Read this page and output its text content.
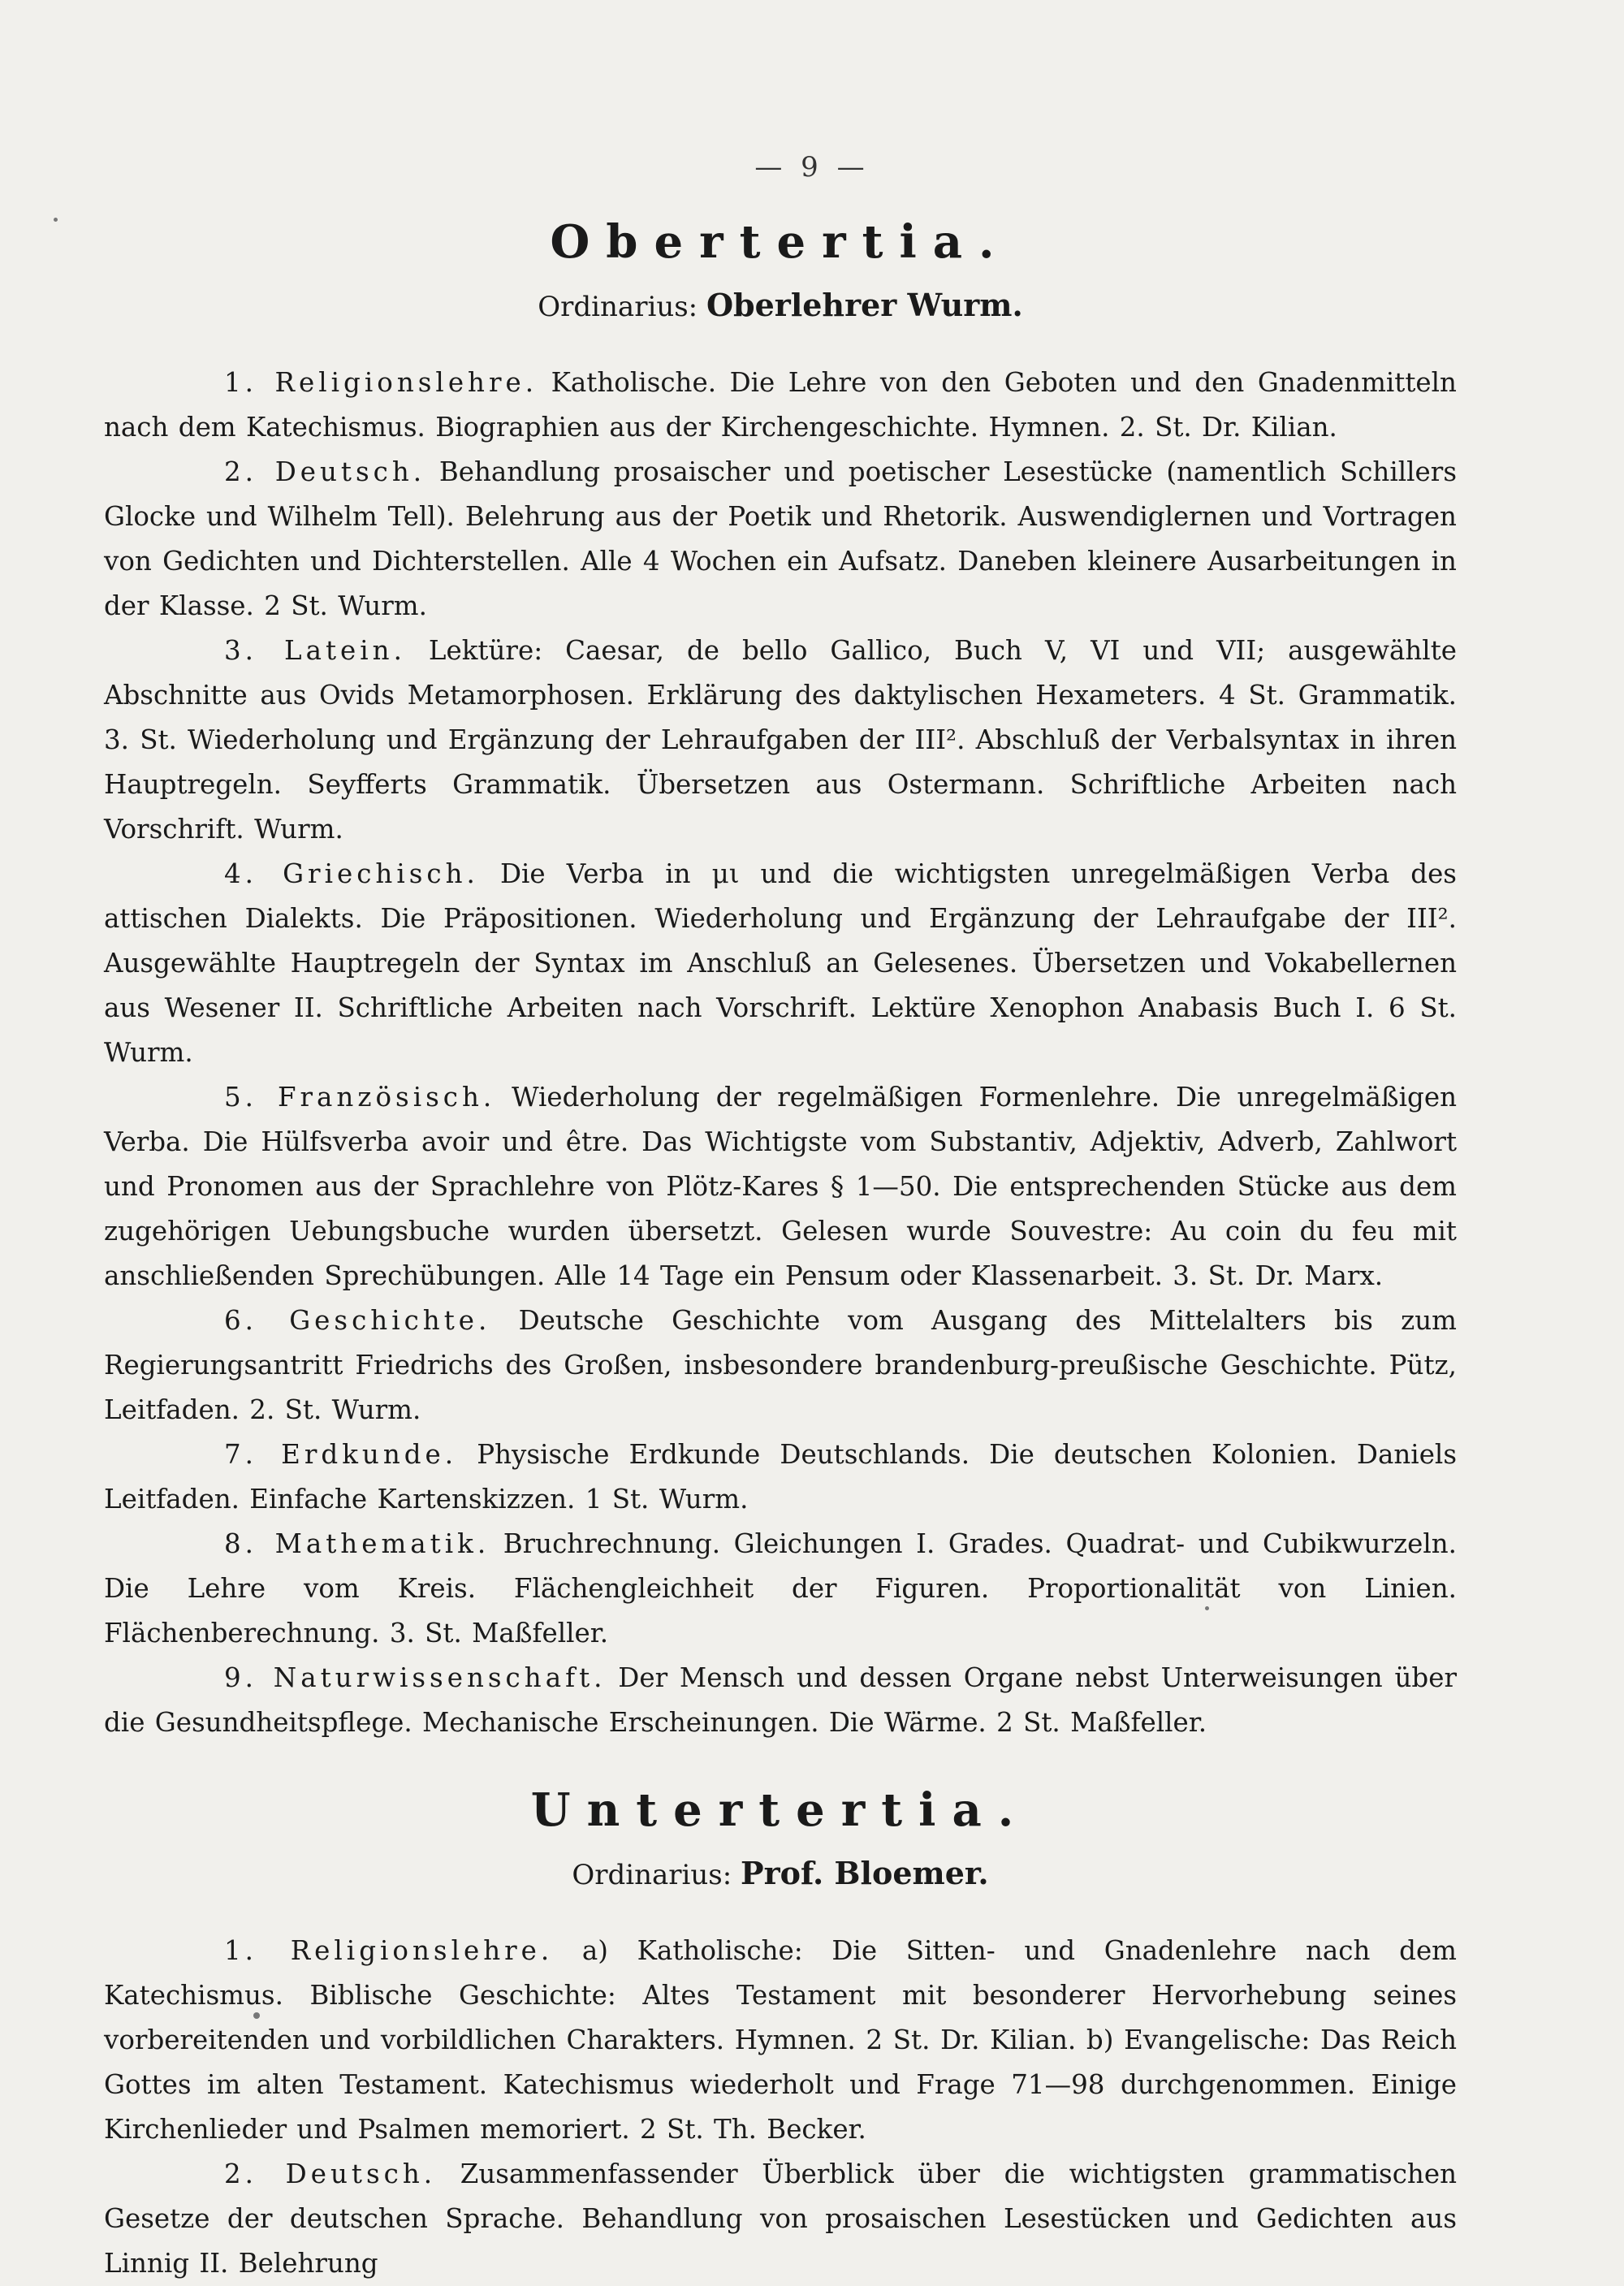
— 9 —
Obertertia.
Ordinarius: Oberlehrer Wurm.

1. Religionslehre. Katholische. Die Lehre von den Geboten und den Gnadenmitteln nach dem Katechismus. Biographien aus der Kirchengeschichte. Hymnen. 2. St. Dr. Kilian.

2. Deutsch. Behandlung prosaischer und poetischer Lesestücke (namentlich Schillers Glocke und Wilhelm Tell). Belehrung aus der Poetik und Rhetorik. Auswendiglernen und Vortragen von Gedichten und Dichterstellen. Alle 4 Wochen ein Aufsatz. Daneben kleinere Ausarbeitungen in der Klasse. 2 St. Wurm.

3. Latein. Lektüre: Caesar, de bello Gallico, Buch V, VI und VII; ausgewählte Abschnitte aus Ovids Metamorphosen. Erklärung des daktylischen Hexameters. 4 St. Grammatik. 3. St. Wiederholung und Ergänzung der Lehraufgaben der III². Abschluß der Verbalsyntax in ihren Hauptregeln. Seyfferts Grammatik. Übersetzen aus Ostermann. Schriftliche Arbeiten nach Vorschrift. Wurm.

4. Griechisch. Die Verba in μι und die wichtigsten unregelmäßigen Verba des attischen Dialekts. Die Präpositionen. Wiederholung und Ergänzung der Lehraufgabe der III². Ausgewählte Hauptregeln der Syntax im Anschluß an Gelesenes. Übersetzen und Vokabellernen aus Wesener II. Schriftliche Arbeiten nach Vorschrift. Lektüre Xenophon Anabasis Buch I. 6 St. Wurm.

5. Französisch. Wiederholung der regelmäßigen Formenlehre. Die unregelmäßigen Verba. Die Hülfsverba avoir und être. Das Wichtigste vom Substantiv, Adjektiv, Adverb, Zahlwort und Pronomen aus der Sprachlehre von Plötz-Kares § 1—50. Die entsprechenden Stücke aus dem zugehörigen Uebungsbuche wurden übersetzt. Gelesen wurde Souvestre: Au coin du feu mit anschließenden Sprechübungen. Alle 14 Tage ein Pensum oder Klassenarbeit. 3. St. Dr. Marx.

6. Geschichte. Deutsche Geschichte vom Ausgang des Mittelalters bis zum Regierungsantritt Friedrichs des Großen, insbesondere brandenburg-preußische Geschichte. Pütz, Leitfaden. 2. St. Wurm.

7. Erdkunde. Physische Erdkunde Deutschlands. Die deutschen Kolonien. Daniels Leitfaden. Einfache Kartenskizzen. 1 St. Wurm.

8. Mathematik. Bruchrechnung. Gleichungen I. Grades. Quadrat- und Cubikwurzeln. Die Lehre vom Kreis. Flächengleichheit der Figuren. Proportionalität von Linien. Flächenberechnung. 3. St. Maßfeller.

9. Naturwissenschaft. Der Mensch und dessen Organe nebst Unterweisungen über die Gesundheitspflege. Mechanische Erscheinungen. Die Wärme. 2 St. Maßfeller.

Untertertia.
Ordinarius: Prof. Bloemer.

1. Religionslehre. a) Katholische: Die Sitten- und Gnadenlehre nach dem Katechismus. Biblische Geschichte: Altes Testament mit besonderer Hervorhebung seines vorbereitenden und vorbildlichen Charakters. Hymnen. 2 St. Dr. Kilian. b) Evangelische: Das Reich Gottes im alten Testament. Katechismus wiederholt und Frage 71—98 durchgenommen. Einige Kirchenlieder und Psalmen memoriert. 2 St. Th. Becker.

2. Deutsch. Zusammenfassender Überblick über die wichtigsten grammatischen Gesetze der deutschen Sprache. Behandlung von prosaischen Lesestücken und Gedichten aus Linnig II. Belehrung
